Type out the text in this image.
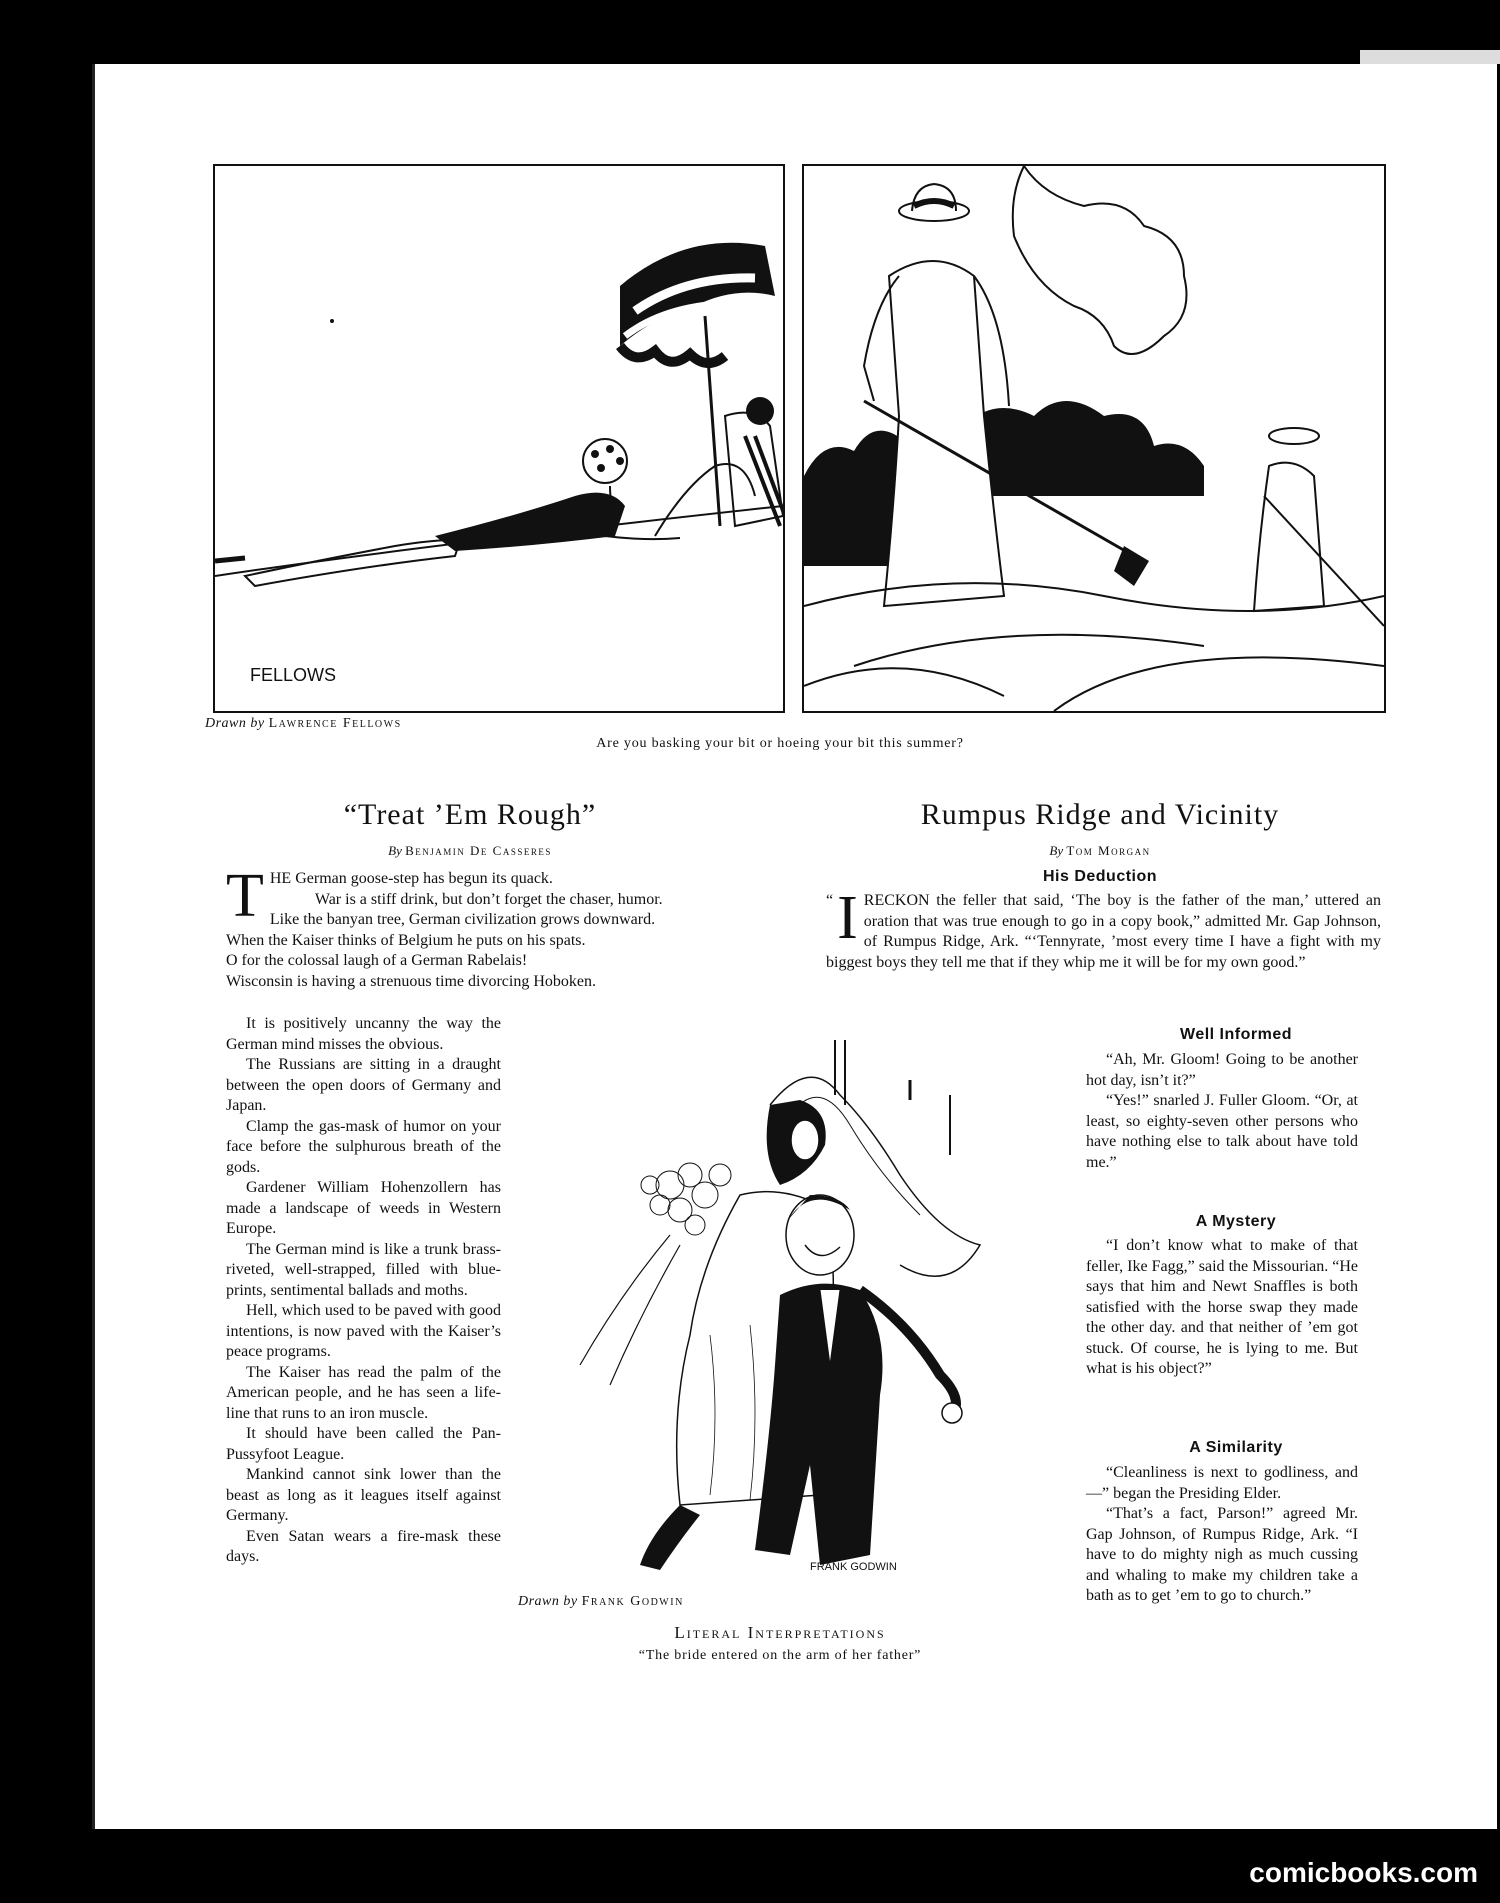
FELLOWS
Drawn by Lawrence Fellows
Are you basking your bit or hoeing your bit this summer?
“Treat ’Em Rough”
By Benjamin De Casseres
T HE German goose-step has begun its quack.

War is a stiff drink, but don’t forget the chaser, humor.

Like the banyan tree, German civilization grows downward.

When the Kaiser thinks of Belgium he puts on his spats.

O for the colossal laugh of a German Rabelais!

Wisconsin is having a strenuous time divorcing Hoboken.

It is positively uncanny the way the German mind misses the obvious.

The Russians are sitting in a draught between the open doors of Germany and Japan.

Clamp the gas-mask of humor on your face before the sulphurous breath of the gods.

Gardener William Hohenzollern has made a landscape of weeds in Western Europe.

The German mind is like a trunk brass-riveted, well-strapped, filled with blue-prints, sentimental ballads and moths.

Hell, which used to be paved with good intentions, is now paved with the Kaiser’s peace programs.

The Kaiser has read the palm of the American people, and he has seen a life-line that runs to an iron muscle.

It should have been called the Pan-Pussyfoot League.

Mankind cannot sink lower than the beast as long as it leagues itself against Germany.

Even Satan wears a fire-mask these days.

Rumpus Ridge and Vicinity
By Tom Morgan
His Deduction
“ I RECKON the feller that said, ‘The boy is the father of the man,’ uttered an oration that was true enough to go in a copy book,” admitted Mr. Gap Johnson, of Rumpus Ridge, Ark. “‘Tennyrate, ’most every time I have a fight with my biggest boys they tell me that if they whip me it will be for my own good.”

Well Informed

“Ah, Mr. Gloom! Going to be another hot day, isn’t it?”

“Yes!” snarled J. Fuller Gloom. “Or, at least, so eighty-seven other persons who have nothing else to talk about have told me.”

A Mystery

“I don’t know what to make of that feller, Ike Fagg,” said the Missourian. “He says that him and Newt Snaffles is both satisfied with the horse swap they made the other day. and that neither of ’em got stuck. Of course, he is lying to me. But what is his object?”

A Similarity

“Cleanliness is next to godliness, and—” began the Presiding Elder.

“That’s a fact, Parson!” agreed Mr. Gap Johnson, of Rumpus Ridge, Ark. “I have to do mighty nigh as much cussing and whaling to make my children take a bath as to get ’em to go to church.”

FRANK GODWIN
Drawn by Frank Godwin
Literal Interpretations
“The bride entered on the arm of her father”
comicbooks.com
